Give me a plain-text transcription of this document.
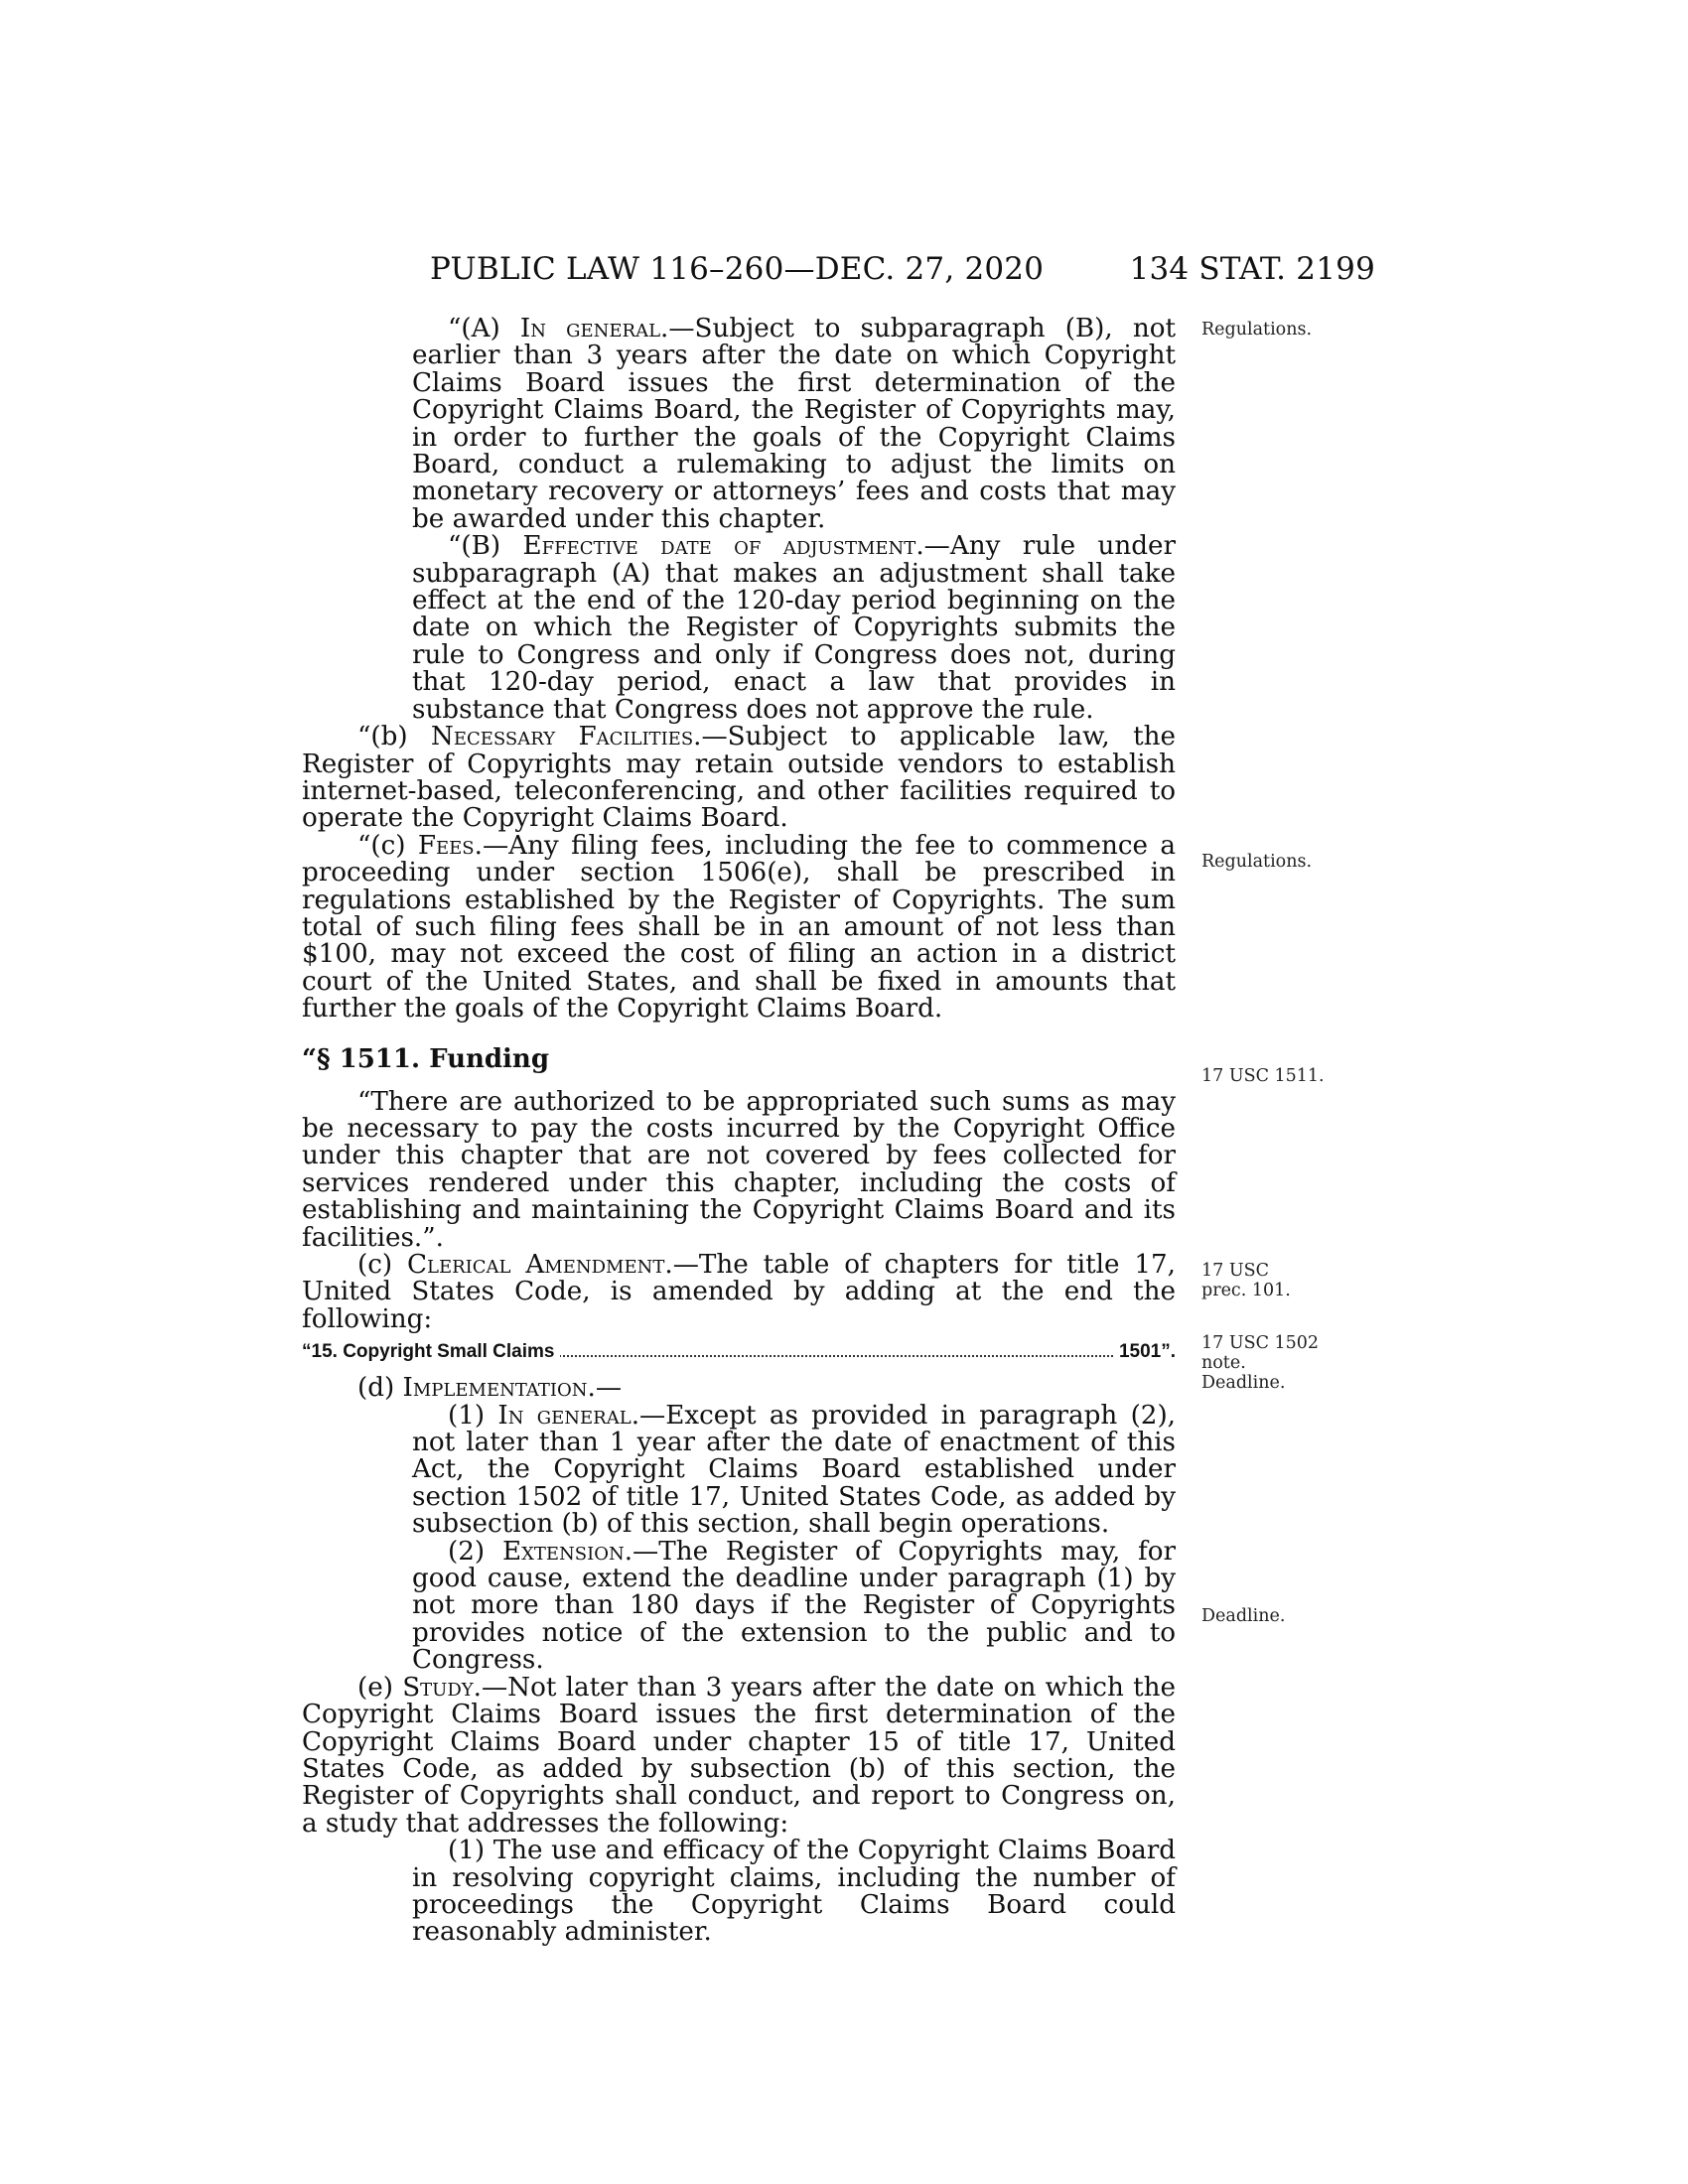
PUBLIC LAW 116–260—DEC. 27, 2020	134 STAT. 2199

“(A) In general.—Subject to subparagraph (B), not earlier than 3 years after the date on which Copyright Claims Board issues the first determination of the Copyright Claims Board, the Register of Copyrights may, in order to further the goals of the Copyright Claims Board, conduct a rulemaking to adjust the limits on monetary recovery or attorneys’ fees and costs that may be awarded under this chapter.

“(B) Effective date of adjustment.—Any rule under subparagraph (A) that makes an adjustment shall take effect at the end of the 120-day period beginning on the date on which the Register of Copyrights submits the rule to Congress and only if Congress does not, during that 120-day period, enact a law that provides in substance that Congress does not approve the rule.

“(b) Necessary Facilities.—Subject to applicable law, the Register of Copyrights may retain outside vendors to establish internet-based, teleconferencing, and other facilities required to operate the Copyright Claims Board.

“(c) Fees.—Any filing fees, including the fee to commence a proceeding under section 1506(e), shall be prescribed in regulations established by the Register of Copyrights. The sum total of such filing fees shall be in an amount of not less than $100, may not exceed the cost of filing an action in a district court of the United States, and shall be fixed in amounts that further the goals of the Copyright Claims Board.

“§ 1511. Funding

“There are authorized to be appropriated such sums as may be necessary to pay the costs incurred by the Copyright Office under this chapter that are not covered by fees collected for services rendered under this chapter, including the costs of establishing and maintaining the Copyright Claims Board and its facilities.”.

(c) Clerical Amendment.—The table of chapters for title 17, United States Code, is amended by adding at the end the following:

“15. Copyright Small Claims	1501”.

(d) Implementation.—

(1) In general.—Except as provided in paragraph (2), not later than 1 year after the date of enactment of this Act, the Copyright Claims Board established under section 1502 of title 17, United States Code, as added by subsection (b) of this section, shall begin operations.

(2) Extension.—The Register of Copyrights may, for good cause, extend the deadline under paragraph (1) by not more than 180 days if the Register of Copyrights provides notice of the extension to the public and to Congress.

(e) Study.—Not later than 3 years after the date on which the Copyright Claims Board issues the first determination of the Copyright Claims Board under chapter 15 of title 17, United States Code, as added by subsection (b) of this section, the Register of Copyrights shall conduct, and report to Congress on, a study that addresses the following:

(1) The use and efficacy of the Copyright Claims Board in resolving copyright claims, including the number of proceedings the Copyright Claims Board could reasonably administer.

Regulations.
Regulations.
17 USC 1511.
17 USC
prec. 101.
17 USC 1502
note.
Deadline.
Deadline.
